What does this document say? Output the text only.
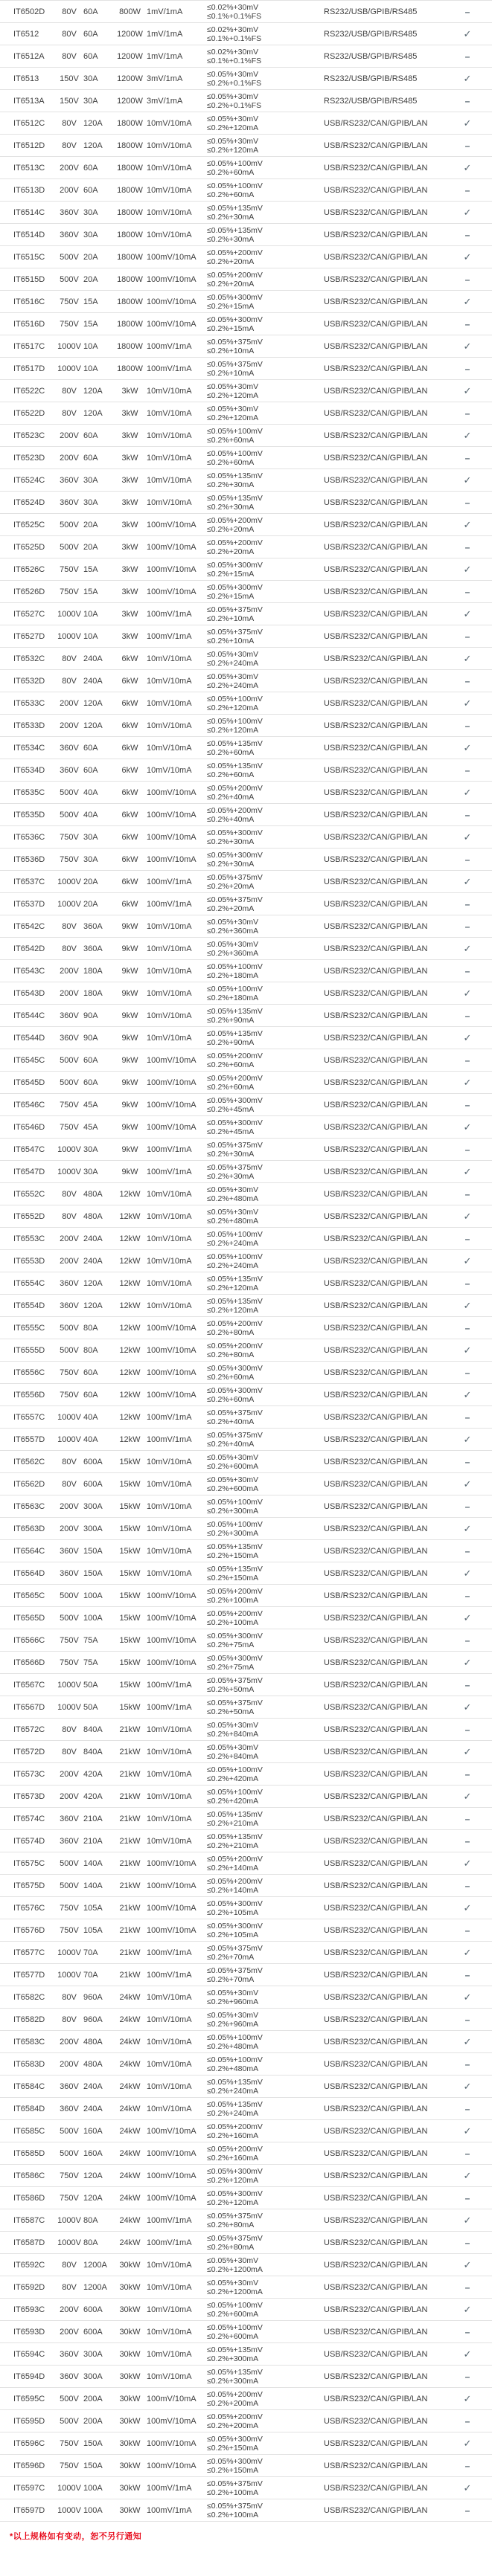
IT6502D	80V 60A	800W 1mV/1mA	≤0.02%+30mV
≤0.1%+0.1%FS	RS232/USB/GPIB/RS485	–
IT6512	80V 60A	1200W 1mV/1mA	≤0.02%+30mV
≤0.1%+0.1%FS	RS232/USB/GPIB/RS485	✓
IT6512A	80V 60A	1200W 1mV/1mA	≤0.02%+30mV
≤0.1%+0.1%FS	RS232/USB/GPIB/RS485	–
IT6513	150V 30A	1200W 3mV/1mA	≤0.05%+30mV
≤0.2%+0.1%FS	RS232/USB/GPIB/RS485	✓
IT6513A	150V 30A	1200W 3mV/1mA	≤0.05%+30mV
≤0.2%+0.1%FS	RS232/USB/GPIB/RS485	–
IT6512C	80V 120A	1800W 10mV/10mA	≤0.05%+30mV
≤0.2%+120mA	USB/RS232/CAN/GPIB/LAN	✓
IT6512D	80V 120A	1800W 10mV/10mA	≤0.05%+30mV
≤0.2%+120mA	USB/RS232/CAN/GPIB/LAN	–
IT6513C	200V 60A	1800W 10mV/10mA	≤0.05%+100mV
≤0.2%+60mA	USB/RS232/CAN/GPIB/LAN	✓
IT6513D	200V 60A	1800W 10mV/10mA	≤0.05%+100mV
≤0.2%+60mA	USB/RS232/CAN/GPIB/LAN	–
IT6514C	360V 30A	1800W 10mV/10mA	≤0.05%+135mV
≤0.2%+30mA	USB/RS232/CAN/GPIB/LAN	✓
IT6514D	360V 30A	1800W 10mV/10mA	≤0.05%+135mV
≤0.2%+30mA	USB/RS232/CAN/GPIB/LAN	–
IT6515C	500V 20A	1800W 100mV/10mA	≤0.05%+200mV
≤0.2%+20mA	USB/RS232/CAN/GPIB/LAN	✓
IT6515D	500V 20A	1800W 100mV/10mA	≤0.05%+200mV
≤0.2%+20mA	USB/RS232/CAN/GPIB/LAN	–
IT6516C	750V 15A	1800W 100mV/10mA	≤0.05%+300mV
≤0.2%+15mA	USB/RS232/CAN/GPIB/LAN	✓
IT6516D	750V 15A	1800W 100mV/10mA	≤0.05%+300mV
≤0.2%+15mA	USB/RS232/CAN/GPIB/LAN	–
IT6517C	1000V 10A	1800W 100mV/1mA	≤0.05%+375mV
≤0.2%+10mA	USB/RS232/CAN/GPIB/LAN	✓
IT6517D	1000V 10A	1800W 100mV/1mA	≤0.05%+375mV
≤0.2%+10mA	USB/RS232/CAN/GPIB/LAN	–
IT6522C	80V 120A	3kW	10mV/10mA	≤0.05%+30mV
≤0.2%+120mA	USB/RS232/CAN/GPIB/LAN	✓
IT6522D	80V 120A	3kW	10mV/10mA	≤0.05%+30mV
≤0.2%+120mA	USB/RS232/CAN/GPIB/LAN	–
IT6523C	200V 60A	3kW	10mV/10mA	≤0.05%+100mV
≤0.2%+60mA	USB/RS232/CAN/GPIB/LAN	✓
IT6523D	200V 60A	3kW	10mV/10mA	≤0.05%+100mV
≤0.2%+60mA	USB/RS232/CAN/GPIB/LAN	–
IT6524C	360V 30A	3kW	10mV/10mA	≤0.05%+135mV
≤0.2%+30mA	USB/RS232/CAN/GPIB/LAN	✓
IT6524D	360V 30A	3kW	10mV/10mA	≤0.05%+135mV
≤0.2%+30mA	USB/RS232/CAN/GPIB/LAN	–
IT6525C	500V 20A	3kW	100mV/10mA	≤0.05%+200mV
≤0.2%+20mA	USB/RS232/CAN/GPIB/LAN	✓
IT6525D	500V 20A	3kW	100mV/10mA	≤0.05%+200mV
≤0.2%+20mA	USB/RS232/CAN/GPIB/LAN	–
IT6526C	750V 15A	3kW	100mV/10mA	≤0.05%+300mV
≤0.2%+15mA	USB/RS232/CAN/GPIB/LAN	✓
IT6526D	750V 15A	3kW	100mV/10mA	≤0.05%+300mV
≤0.2%+15mA	USB/RS232/CAN/GPIB/LAN	–
IT6527C	1000V 10A	3kW	100mV/1mA	≤0.05%+375mV
≤0.2%+10mA	USB/RS232/CAN/GPIB/LAN	✓
IT6527D	1000V 10A	3kW	100mV/1mA	≤0.05%+375mV
≤0.2%+10mA	USB/RS232/CAN/GPIB/LAN	–
IT6532C	80V 240A	6kW	10mV/10mA	≤0.05%+30mV
≤0.2%+240mA	USB/RS232/CAN/GPIB/LAN	✓
IT6532D	80V 240A	6kW	10mV/10mA	≤0.05%+30mV
≤0.2%+240mA	USB/RS232/CAN/GPIB/LAN	–
IT6533C	200V 120A	6kW	10mV/10mA	≤0.05%+100mV
≤0.2%+120mA	USB/RS232/CAN/GPIB/LAN	✓
IT6533D	200V 120A	6kW	10mV/10mA	≤0.05%+100mV
≤0.2%+120mA	USB/RS232/CAN/GPIB/LAN	–
IT6534C	360V 60A	6kW	10mV/10mA	≤0.05%+135mV
≤0.2%+60mA	USB/RS232/CAN/GPIB/LAN	✓
IT6534D	360V 60A	6kW	10mV/10mA	≤0.05%+135mV
≤0.2%+60mA	USB/RS232/CAN/GPIB/LAN	–
IT6535C	500V 40A	6kW	100mV/10mA	≤0.05%+200mV
≤0.2%+40mA	USB/RS232/CAN/GPIB/LAN	✓
IT6535D	500V 40A	6kW	100mV/10mA	≤0.05%+200mV
≤0.2%+40mA	USB/RS232/CAN/GPIB/LAN	–
IT6536C	750V 30A	6kW	100mV/10mA	≤0.05%+300mV
≤0.2%+30mA	USB/RS232/CAN/GPIB/LAN	✓
IT6536D	750V 30A	6kW	100mV/10mA	≤0.05%+300mV
≤0.2%+30mA	USB/RS232/CAN/GPIB/LAN	–
IT6537C	1000V 20A	6kW	100mV/1mA	≤0.05%+375mV
≤0.2%+20mA	USB/RS232/CAN/GPIB/LAN	✓
IT6537D	1000V 20A	6kW	100mV/1mA	≤0.05%+375mV
≤0.2%+20mA	USB/RS232/CAN/GPIB/LAN	–
IT6542C	80V 360A	9kW	10mV/10mA	≤0.05%+30mV
≤0.2%+360mA	USB/RS232/CAN/GPIB/LAN	–
IT6542D	80V 360A	9kW	10mV/10mA	≤0.05%+30mV
≤0.2%+360mA	USB/RS232/CAN/GPIB/LAN	✓
IT6543C	200V 180A	9kW	10mV/10mA	≤0.05%+100mV
≤0.2%+180mA	USB/RS232/CAN/GPIB/LAN	–
IT6543D	200V 180A	9kW	10mV/10mA	≤0.05%+100mV
≤0.2%+180mA	USB/RS232/CAN/GPIB/LAN	✓
IT6544C	360V 90A	9kW	10mV/10mA	≤0.05%+135mV
≤0.2%+90mA	USB/RS232/CAN/GPIB/LAN	–
IT6544D	360V 90A	9kW	10mV/10mA	≤0.05%+135mV
≤0.2%+90mA	USB/RS232/CAN/GPIB/LAN	✓
IT6545C	500V 60A	9kW	100mV/10mA	≤0.05%+200mV
≤0.2%+60mA	USB/RS232/CAN/GPIB/LAN	–
IT6545D	500V 60A	9kW	100mV/10mA	≤0.05%+200mV
≤0.2%+60mA	USB/RS232/CAN/GPIB/LAN	✓
IT6546C	750V 45A	9kW	100mV/10mA	≤0.05%+300mV
≤0.2%+45mA	USB/RS232/CAN/GPIB/LAN	–
IT6546D	750V 45A	9kW	100mV/10mA	≤0.05%+300mV
≤0.2%+45mA	USB/RS232/CAN/GPIB/LAN	✓
IT6547C	1000V 30A	9kW	100mV/1mA	≤0.05%+375mV
≤0.2%+30mA	USB/RS232/CAN/GPIB/LAN	–
IT6547D	1000V 30A	9kW	100mV/1mA	≤0.05%+375mV
≤0.2%+30mA	USB/RS232/CAN/GPIB/LAN	✓
IT6552C	80V 480A	12kW 10mV/10mA	≤0.05%+30mV
≤0.2%+480mA	USB/RS232/CAN/GPIB/LAN	–
IT6552D	80V 480A	12kW 10mV/10mA	≤0.05%+30mV
≤0.2%+480mA	USB/RS232/CAN/GPIB/LAN	✓
IT6553C	200V 240A	12kW 10mV/10mA	≤0.05%+100mV
≤0.2%+240mA	USB/RS232/CAN/GPIB/LAN	–
IT6553D	200V 240A	12kW 10mV/10mA	≤0.05%+100mV
≤0.2%+240mA	USB/RS232/CAN/GPIB/LAN	✓
IT6554C	360V 120A	12kW 10mV/10mA	≤0.05%+135mV
≤0.2%+120mA	USB/RS232/CAN/GPIB/LAN	–
IT6554D	360V 120A	12kW 10mV/10mA	≤0.05%+135mV
≤0.2%+120mA	USB/RS232/CAN/GPIB/LAN	✓
IT6555C	500V 80A	12kW 100mV/10mA	≤0.05%+200mV
≤0.2%+80mA	USB/RS232/CAN/GPIB/LAN	–
IT6555D	500V 80A	12kW 100mV/10mA	≤0.05%+200mV
≤0.2%+80mA	USB/RS232/CAN/GPIB/LAN	✓
IT6556C	750V 60A	12kW 100mV/10mA	≤0.05%+300mV
≤0.2%+60mA	USB/RS232/CAN/GPIB/LAN	–
IT6556D	750V 60A	12kW 100mV/10mA	≤0.05%+300mV
≤0.2%+60mA	USB/RS232/CAN/GPIB/LAN	✓
IT6557C	1000V 40A	12kW 100mV/1mA	≤0.05%+375mV
≤0.2%+40mA	USB/RS232/CAN/GPIB/LAN	–
IT6557D	1000V 40A	12kW 100mV/1mA	≤0.05%+375mV
≤0.2%+40mA	USB/RS232/CAN/GPIB/LAN	✓
IT6562C	80V 600A	15kW 10mV/10mA	≤0.05%+30mV
≤0.2%+600mA	USB/RS232/CAN/GPIB/LAN	–
IT6562D	80V 600A	15kW 10mV/10mA	≤0.05%+30mV
≤0.2%+600mA	USB/RS232/CAN/GPIB/LAN	✓
IT6563C	200V 300A	15kW 10mV/10mA	≤0.05%+100mV
≤0.2%+300mA	USB/RS232/CAN/GPIB/LAN	–
IT6563D	200V 300A	15kW 10mV/10mA	≤0.05%+100mV
≤0.2%+300mA	USB/RS232/CAN/GPIB/LAN	✓
IT6564C	360V 150A	15kW 10mV/10mA	≤0.05%+135mV
≤0.2%+150mA	USB/RS232/CAN/GPIB/LAN	–
IT6564D	360V 150A	15kW 10mV/10mA	≤0.05%+135mV
≤0.2%+150mA	USB/RS232/CAN/GPIB/LAN	✓
IT6565C	500V 100A	15kW 100mV/10mA	≤0.05%+200mV
≤0.2%+100mA	USB/RS232/CAN/GPIB/LAN	–
IT6565D	500V 100A	15kW 100mV/10mA	≤0.05%+200mV
≤0.2%+100mA	USB/RS232/CAN/GPIB/LAN	✓
IT6566C	750V 75A	15kW 100mV/10mA	≤0.05%+300mV
≤0.2%+75mA	USB/RS232/CAN/GPIB/LAN	–
IT6566D	750V 75A	15kW 100mV/10mA	≤0.05%+300mV
≤0.2%+75mA	USB/RS232/CAN/GPIB/LAN	✓
IT6567C	1000V 50A	15kW 100mV/1mA	≤0.05%+375mV
≤0.2%+50mA	USB/RS232/CAN/GPIB/LAN	–
IT6567D	1000V 50A	15kW 100mV/1mA	≤0.05%+375mV
≤0.2%+50mA	USB/RS232/CAN/GPIB/LAN	✓
IT6572C	80V 840A	21kW 10mV/10mA	≤0.05%+30mV
≤0.2%+840mA	USB/RS232/CAN/GPIB/LAN	–
IT6572D	80V 840A	21kW 10mV/10mA	≤0.05%+30mV
≤0.2%+840mA	USB/RS232/CAN/GPIB/LAN	✓
IT6573C	200V 420A	21kW 10mV/10mA	≤0.05%+100mV
≤0.2%+420mA	USB/RS232/CAN/GPIB/LAN	–
IT6573D	200V 420A	21kW 10mV/10mA	≤0.05%+100mV
≤0.2%+420mA	USB/RS232/CAN/GPIB/LAN	✓
IT6574C	360V 210A	21kW 10mV/10mA	≤0.05%+135mV
≤0.2%+210mA	USB/RS232/CAN/GPIB/LAN	–
IT6574D	360V 210A	21kW 10mV/10mA	≤0.05%+135mV
≤0.2%+210mA	USB/RS232/CAN/GPIB/LAN	–
IT6575C	500V 140A	21kW 100mV/10mA	≤0.05%+200mV
≤0.2%+140mA	USB/RS232/CAN/GPIB/LAN	✓
IT6575D	500V 140A	21kW 100mV/10mA	≤0.05%+200mV
≤0.2%+140mA	USB/RS232/CAN/GPIB/LAN	–
IT6576C	750V 105A	21kW 100mV/10mA	≤0.05%+300mV
≤0.2%+105mA	USB/RS232/CAN/GPIB/LAN	✓
IT6576D	750V 105A	21kW 100mV/10mA	≤0.05%+300mV
≤0.2%+105mA	USB/RS232/CAN/GPIB/LAN	–
IT6577C	1000V 70A	21kW 100mV/1mA	≤0.05%+375mV
≤0.2%+70mA	USB/RS232/CAN/GPIB/LAN	✓
IT6577D	1000V 70A	21kW 100mV/1mA	≤0.05%+375mV
≤0.2%+70mA	USB/RS232/CAN/GPIB/LAN	–
IT6582C	80V 960A	24kW 10mV/10mA	≤0.05%+30mV
≤0.2%+960mA	USB/RS232/CAN/GPIB/LAN	✓
IT6582D	80V 960A	24kW 10mV/10mA	≤0.05%+30mV
≤0.2%+960mA	USB/RS232/CAN/GPIB/LAN	–
IT6583C	200V 480A	24kW 10mV/10mA	≤0.05%+100mV
≤0.2%+480mA	USB/RS232/CAN/GPIB/LAN	✓
IT6583D	200V 480A	24kW 10mV/10mA	≤0.05%+100mV
≤0.2%+480mA	USB/RS232/CAN/GPIB/LAN	–
IT6584C	360V 240A	24kW 10mV/10mA	≤0.05%+135mV
≤0.2%+240mA	USB/RS232/CAN/GPIB/LAN	✓
IT6584D	360V 240A	24kW 10mV/10mA	≤0.05%+135mV
≤0.2%+240mA	USB/RS232/CAN/GPIB/LAN	–
IT6585C	500V 160A	24kW 100mV/10mA	≤0.05%+200mV
≤0.2%+160mA	USB/RS232/CAN/GPIB/LAN	✓
IT6585D	500V 160A	24kW 100mV/10mA	≤0.05%+200mV
≤0.2%+160mA	USB/RS232/CAN/GPIB/LAN	–
IT6586C	750V 120A	24kW 100mV/10mA	≤0.05%+300mV
≤0.2%+120mA	USB/RS232/CAN/GPIB/LAN	✓
IT6586D	750V 120A	24kW 100mV/10mA	≤0.05%+300mV
≤0.2%+120mA	USB/RS232/CAN/GPIB/LAN	–
IT6587C	1000V 80A	24kW 100mV/1mA	≤0.05%+375mV
≤0.2%+80mA	USB/RS232/CAN/GPIB/LAN	✓
IT6587D	1000V 80A	24kW 100mV/1mA	≤0.05%+375mV
≤0.2%+80mA	USB/RS232/CAN/GPIB/LAN	–
IT6592C	80V 1200A	30kW 10mV/10mA	≤0.05%+30mV
≤0.2%+1200mA	USB/RS232/CAN/GPIB/LAN	✓
IT6592D	80V 1200A	30kW 10mV/10mA	≤0.05%+30mV
≤0.2%+1200mA	USB/RS232/CAN/GPIB/LAN	–
IT6593C	200V 600A	30kW 10mV/10mA	≤0.05%+100mV
≤0.2%+600mA	USB/RS232/CAN/GPIB/LAN	✓
IT6593D	200V 600A	30kW 10mV/10mA	≤0.05%+100mV
≤0.2%+600mA	USB/RS232/CAN/GPIB/LAN	–
IT6594C	360V 300A	30kW 10mV/10mA	≤0.05%+135mV
≤0.2%+300mA	USB/RS232/CAN/GPIB/LAN	✓
IT6594D	360V 300A	30kW 10mV/10mA	≤0.05%+135mV
≤0.2%+300mA	USB/RS232/CAN/GPIB/LAN	–
IT6595C	500V 200A	30kW 100mV/10mA	≤0.05%+200mV
≤0.2%+200mA	USB/RS232/CAN/GPIB/LAN	✓
IT6595D	500V 200A	30kW 100mV/10mA	≤0.05%+200mV
≤0.2%+200mA	USB/RS232/CAN/GPIB/LAN	–
IT6596C	750V 150A	30kW 100mV/10mA	≤0.05%+300mV
≤0.2%+150mA	USB/RS232/CAN/GPIB/LAN	✓
IT6596D	750V 150A	30kW 100mV/10mA	≤0.05%+300mV
≤0.2%+150mA	USB/RS232/CAN/GPIB/LAN	–
IT6597C	1000V 100A	30kW 100mV/1mA	≤0.05%+375mV
≤0.2%+100mA	USB/RS232/CAN/GPIB/LAN	✓
IT6597D	1000V 100A	30kW 100mV/1mA	≤0.05%+375mV
≤0.2%+100mA	USB/RS232/CAN/GPIB/LAN	–
*以上规格如有变动，恕不另行通知
